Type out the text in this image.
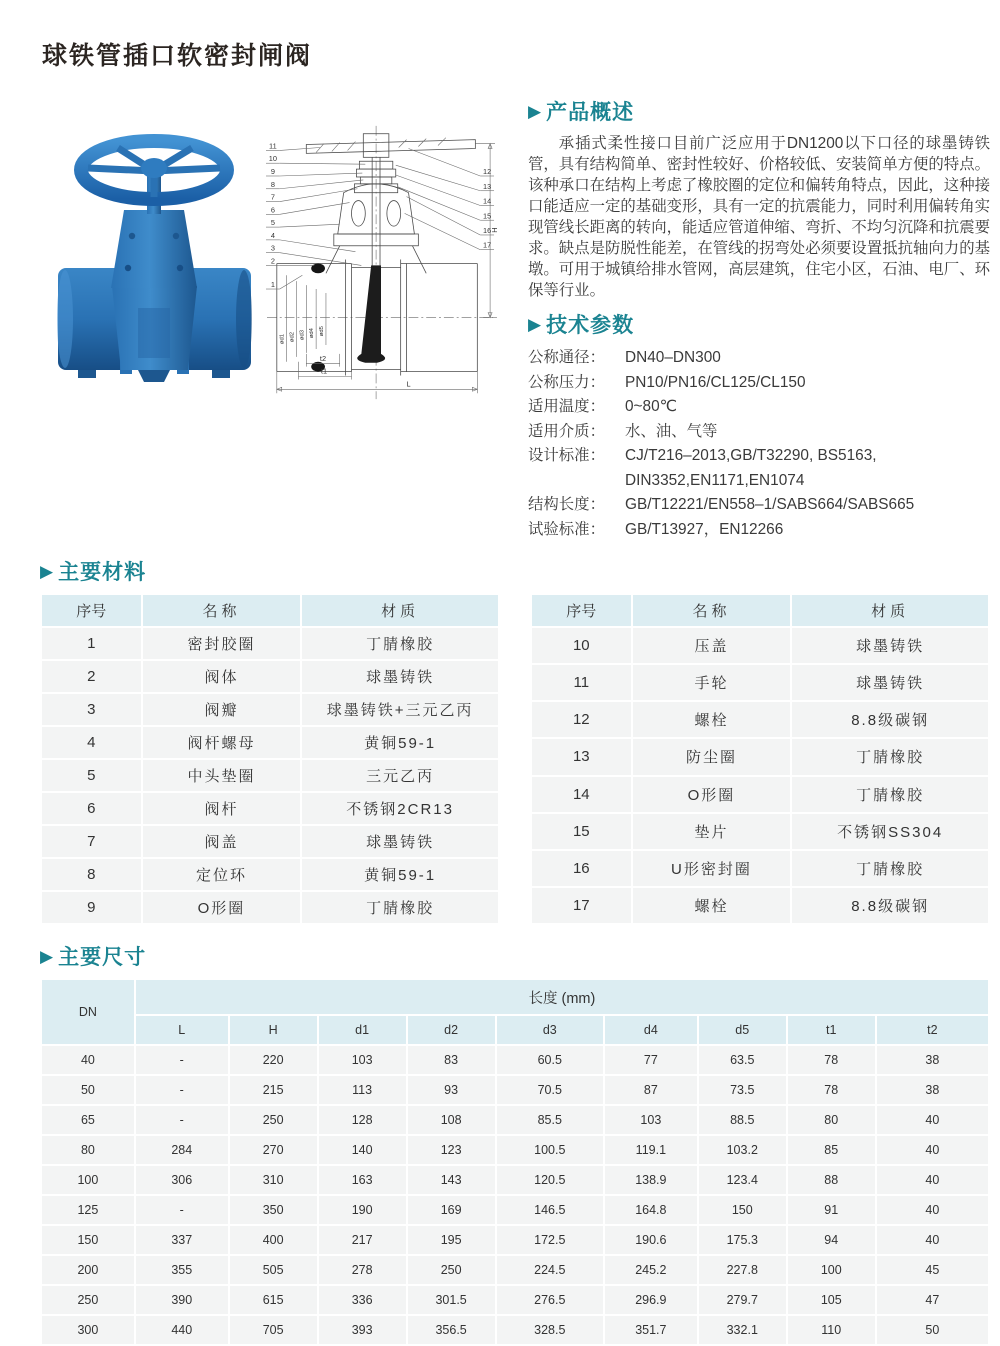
球铁管插口软密封闸阀
ød1 ød2 ød3 ød4 ød5
H
L
t1
t2
11
10
9
8
7
6
5
4
3
2
1
12
13
14
15
16
17
▶ 产品概述

承插式柔性接口目前广泛应用于DN1200以下口径的球墨铸铁管，具有结构简单、密封性较好、价格较低、安装简单方便的特点。该种承口在结构上考虑了橡胶圈的定位和偏转角特点，因此，这种接口能适应一定的基础变形，具有一定的抗震能力，同时利用偏转角实现管线长距离的转向，能适应管道伸缩、弯折、不均匀沉降和抗震要求。缺点是防脱性能差，在管线的拐弯处必须要设置抵抗轴向力的基墩。可用于城镇给排水管网，高层建筑，住宅小区，石油、电厂、环保等行业。

▶ 技术参数
公称通径：	DN40–DN300
公称压力：	PN10/PN16/CL125/CL150
适用温度：	0~80℃
适用介质：	水、油、气等
设计标准：	CJ/T216–2013,GB/T32290, BS5163,
DIN3352,EN1171,EN1074
结构长度：	GB/T12221/EN558–1/SABS664/SABS665
试验标准：	GB/T13927，EN12266
▶ 主要材料
序号	名称	材质
1	密封胶圈	丁腈橡胶
2	阀体	球墨铸铁
3	阀瓣	球墨铸铁+三元乙丙
4	阀杆螺母	黄铜59-1
5	中头垫圈	三元乙丙
6	阀杆	不锈钢2CR13
7	阀盖	球墨铸铁
8	定位环	黄铜59-1
9	O形圈	丁腈橡胶
序号	名称	材质
10	压盖	球墨铸铁
11	手轮	球墨铸铁
12	螺栓	8.8级碳钢
13	防尘圈	丁腈橡胶
14	O形圈	丁腈橡胶
15	垫片	不锈钢SS304
16	U形密封圈	丁腈橡胶
17	螺栓	8.8级碳钢
▶ 主要尺寸
DN	长度 (mm)								
	L	H	d1	d2	d3	d4	d5	t1	t2
40	-	220	103	83	60.5	77	63.5	78	38
50	-	215	113	93	70.5	87	73.5	78	38
65	-	250	128	108	85.5	103	88.5	80	40
80	284	270	140	123	100.5	119.1	103.2	85	40
100	306	310	163	143	120.5	138.9	123.4	88	40
125	-	350	190	169	146.5	164.8	150	91	40
150	337	400	217	195	172.5	190.6	175.3	94	40
200	355	505	278	250	224.5	245.2	227.8	100	45
250	390	615	336	301.5	276.5	296.9	279.7	105	47
300	440	705	393	356.5	328.5	351.7	332.1	110	50
